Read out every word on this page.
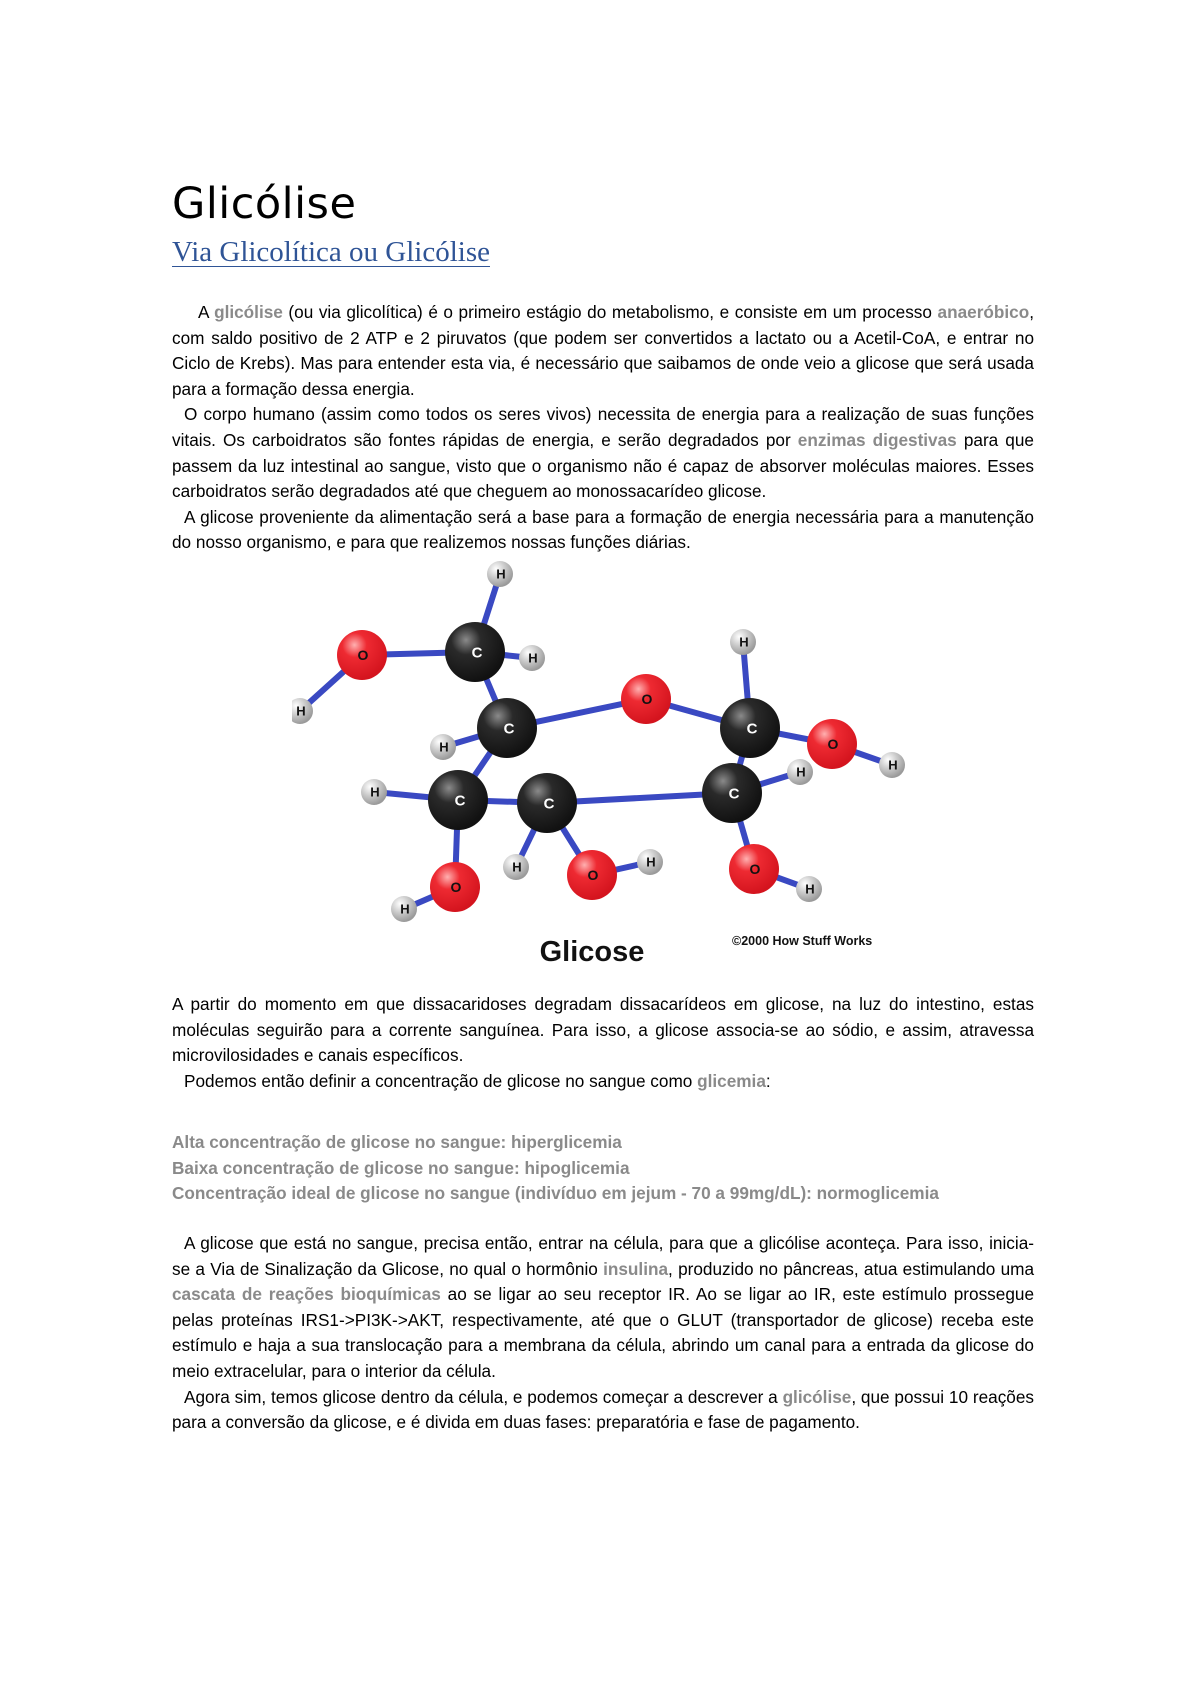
Glicólise
Via Glicolítica ou Glicólise

A glicólise (ou via glicolítica) é o primeiro estágio do metabolismo, e consiste em um processo anaeróbico, com saldo positivo de 2 ATP e 2 piruvatos (que podem ser convertidos a lactato ou a Acetil-CoA, e entrar no Ciclo de Krebs). Mas para entender esta via, é necessário que saibamos de onde veio a glicose que será usada para a formação dessa energia.

O corpo humano (assim como todos os seres vivos) necessita de energia para a realização de suas funções vitais. Os carboidratos são fontes rápidas de energia, e serão degradados por enzimas digestivas para que passem da luz intestinal ao sangue, visto que o organismo não é capaz de absorver moléculas maiores. Esses carboidratos serão degradados até que cheguem ao monossacarídeo glicose.

A glicose proveniente da alimentação será a base para a formação de energia necessária para a manutenção do nosso organismo, e para que realizemos nossas funções diárias.

H
O	C	H
H
C
O
H
C
O
H
H
H
C	C
C
H
H	O
H
O
H
O
H
Glicose	©2000 How Stuff Works

A partir do momento em que dissacaridoses degradam dissacarídeos em glicose, na luz do intestino, estas moléculas seguirão para a corrente sanguínea. Para isso, a glicose associa-se ao sódio, e assim, atravessa microvilosidades e canais específicos.

Podemos então definir a concentração de glicose no sangue como glicemia:

Alta concentração de glicose no sangue: hiperglicemia

Baixa concentração de glicose no sangue: hipoglicemia

Concentração ideal de glicose no sangue (indivíduo em jejum - 70 a 99mg/dL): normoglicemia

A glicose que está no sangue, precisa então, entrar na célula, para que a glicólise aconteça. Para isso, inicia-se a Via de Sinalização da Glicose, no qual o hormônio insulina, produzido no pâncreas, atua estimulando uma cascata de reações bioquímicas ao se ligar ao seu receptor IR. Ao se ligar ao IR, este estímulo prossegue pelas proteínas IRS1->PI3K->AKT, respectivamente, até que o GLUT (transportador de glicose) receba este estímulo e haja a sua translocação para a membrana da célula, abrindo um canal para a entrada da glicose do meio extracelular, para o interior da célula.

Agora sim, temos glicose dentro da célula, e podemos começar a descrever a glicólise, que possui 10 reações para a conversão da glicose, e é divida em duas fases: preparatória e fase de pagamento.
